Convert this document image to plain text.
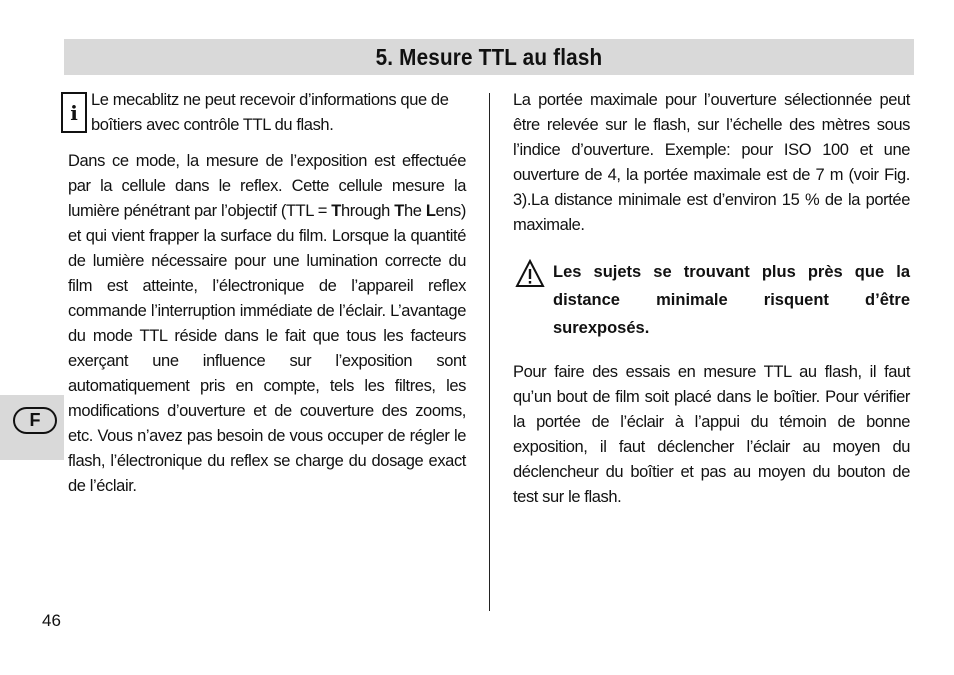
5. Mesure TTL au flash
i

Le mecablitz ne peut recevoir d’informations que de boîtiers avec contrôle TTL du flash.

Dans ce mode, la mesure de l’exposition est effectuée par la cellule dans le reflex. Cette cellule mesure la lumière pénétrant par l’objectif (TTL = Through The Lens) et qui vient frapper la surface du film. Lorsque la quantité de lumière nécessaire pour une lumination correcte du film est atteinte, l’électronique de l’appareil reflex commande l’interruption immédiate de l’éclair. L’avantage du mode TTL réside dans le fait que tous les facteurs exerçant une influence sur l’exposition sont automatiquement pris en compte, tels les filtres, les modifications d’ouverture et de couverture des zooms, etc. Vous n’avez pas besoin de vous occuper de régler le flash, l’électronique du reflex se charge du dosage exact de l’éclair.

La portée maximale pour l’ouverture sélectionnée peut être relevée sur le flash, sur l’échelle des mètres sous l’indice d’ouverture. Exemple: pour ISO 100 et une ouverture de 4, la portée maximale est de 7 m (voir Fig. 3).La distance minimale est d’environ 15 % de la portée maximale.

Les sujets se trouvant plus près que la distance minimale risquent d’être surexposés.

Pour faire des essais en mesure TTL au flash, il faut qu’un bout de film soit placé dans le boîtier. Pour vérifier la portée de l’éclair à l’appui du témoin de bonne exposition, il faut déclencher l’éclair au moyen du déclencheur du boîtier et pas au moyen du bouton de test sur le flash.

F
46
